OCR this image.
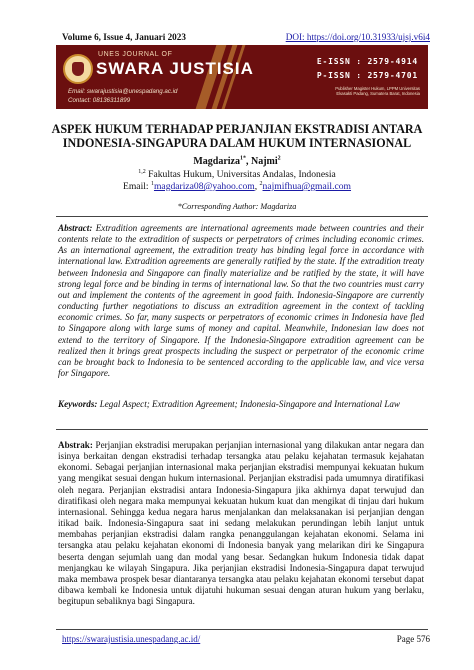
Volume 6, Issue 4, Januari 2023	DOI: https://doi.org/10.31933/ujsj.v6i4
UNES JOURNAL OF
SWARA JUSTISIA
Email: swarajustisia@unespadang.ac.id
Contact: 08136311899
E-ISSN : 2579-4914
P-ISSN : 2579-4701
Publisher Magister Hukum, LPPM Universitas Ekasakti Padang, Sumatera Barat, Indonesia
ASPEK HUKUM TERHADAP PERJANJIAN EKSTRADISI ANTARA
INDONESIA-SINGAPURA DALAM HUKUM INTERNASIONAL
Magdariza$^{1*}$, Najmi$^2$
$^{1,2}$ Fakultas Hukum, Universitas Andalas, Indonesia
Email: $^1$magdariza08@yahoo.com, $^2$najmifhua@gmail.com
*Corresponding Author: Magdariza
Abstract: Extradition agreements are international agreements made between countries and their contents relate to the extradition of suspects or perpetrators of crimes including economic crimes. As an international agreement, the extradition treaty has binding legal force in accordance with international law. Extradition agreements are generally ratified by the state. If the extradition treaty between Indonesia and Singapore can finally materialize and be ratified by the state, it will have strong legal force and be binding in terms of international law. So that the two countries must carry out and implement the contents of the agreement in good faith. Indonesia-Singapore are currently conducting further negotiations to discuss an extradition agreement in the context of tackling economic crimes. So far, many suspects or perpetrators of economic crimes in Indonesia have fled to Singapore along with large sums of money and capital. Meanwhile, Indonesian law does not extend to the territory of Singapore. If the Indonesia-Singapore extradition agreement can be realized then it brings great prospects including the suspect or perpetrator of the economic crime can be brought back to Indonesia to be sentenced according to the applicable law, and vice versa for Singapore.
Keywords: Legal Aspect; Extradition Agreement; Indonesia-Singapore and International Law
Abstrak: Perjanjian ekstradisi merupakan perjanjian internasional yang dilakukan antar negara dan isinya berkaitan dengan ekstradisi terhadap tersangka atau pelaku kejahatan termasuk kejahatan ekonomi. Sebagai perjanjian internasional maka perjanjian ekstradisi mempunyai kekuatan hukum yang mengikat sesuai dengan hukum internasional. Perjanjian ekstradisi pada umumnya diratifikasi oleh negara. Perjanjian ekstradisi antara Indonesia-Singapura jika akhirnya dapat terwujud dan diratifikasi oleh negara maka mempunyai kekuatan hukum kuat dan mengikat di tinjau dari hukum internasional. Sehingga kedua negara harus menjalankan dan melaksanakan isi perjanjian dengan itikad baik. Indonesia-Singapura saat ini sedang melakukan perundingan lebih lanjut untuk membahas perjanjian ekstradisi dalam rangka penanggulangan kejahatan ekonomi. Selama ini tersangka atau pelaku kejahatan ekonomi di Indonesia banyak yang melarikan diri ke Singapura beserta dengan sejumlah uang dan modal yang besar. Sedangkan hukum Indonesia tidak dapat menjangkau ke wilayah Singapura. Jika perjanjian ekstradisi Indonesia-Singapura dapat terwujud maka membawa prospek besar diantaranya tersangka atau pelaku kejahatan ekonomi tersebut dapat dibawa kembali ke Indonesia untuk dijatuhi hukuman sesuai dengan aturan hukum yang berlaku, begitupun sebaliknya bagi Singapura.
https://swarajustisia.unespadang.ac.id/	Page 576
